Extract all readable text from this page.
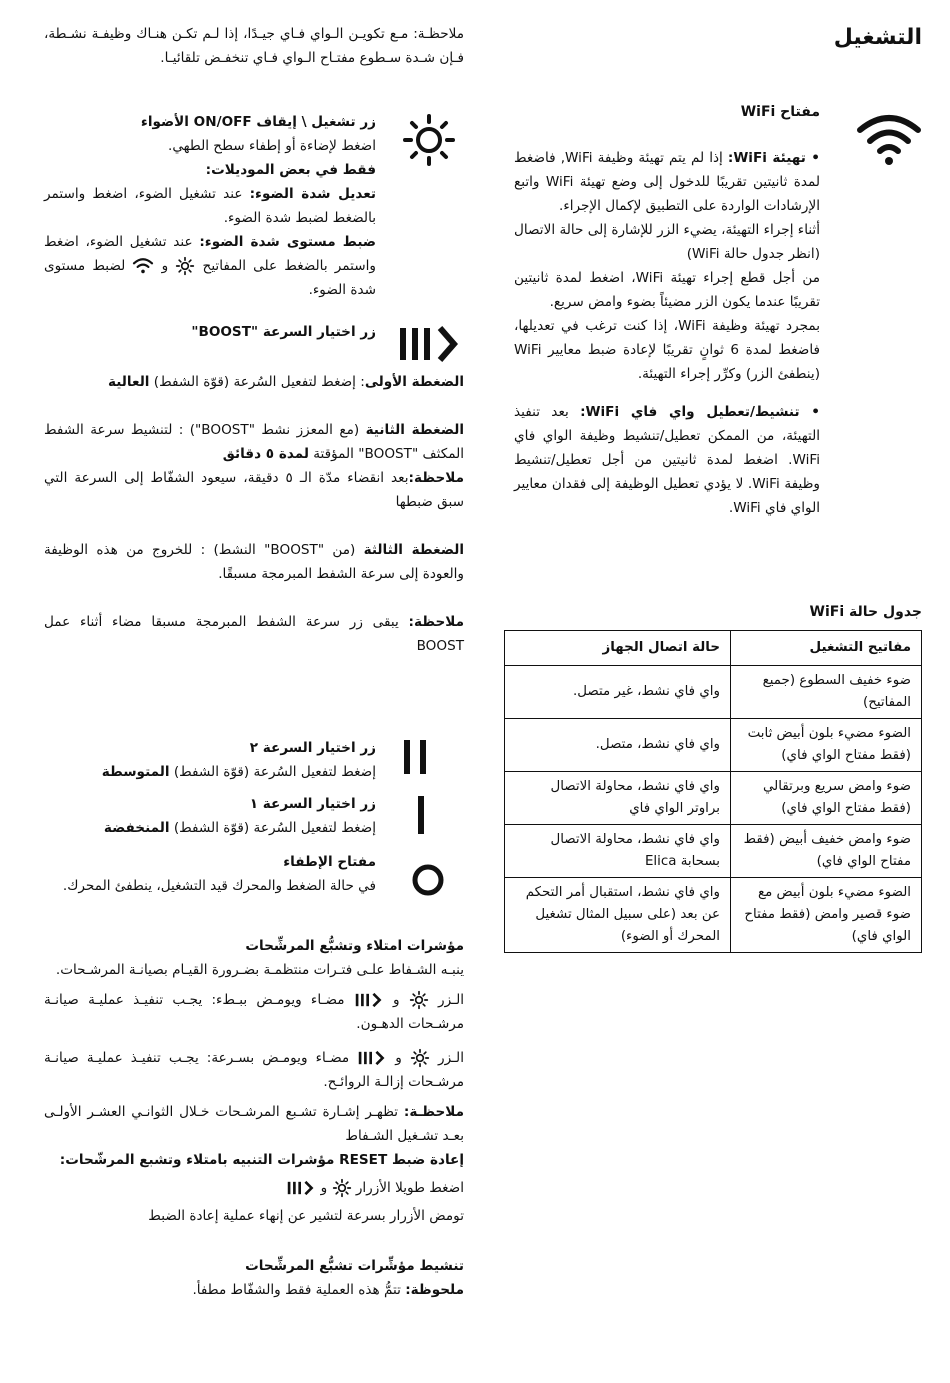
التشغيل
مفتاح WiFi

• تهيئة WiFi: إذا لم يتم تهيئة وظيفة WiFi, فاضغط لمدة ثانيتين تقريبًا للدخول إلى وضع تهيئة WiFi واتبع الإرشادات الواردة على التطبيق لإكمال الإجراء.
أثناء إجراء التهيئة، يضيء الزر للإشارة إلى حالة الاتصال (انظر جدول حالة WiFi)
من أجل قطع إجراء تهيئة WiFi، اضغط لمدة ثانيتين تقريبًا عندما يكون الزر مضيئاً بضوء وامض سريع.
بمجرد تهيئة وظيفة WiFi، إذا كنت ترغب في تعديلها، فاضغط لمدة 6 ثوانٍ تقريبًا لإعادة ضبط معايير WiFi (ينطفئ الزر) وكرِّر إجراء التهيئة.

• تنشيط/تعطيل واي فاي WiFi: بعد تنفيذ التهيئة، من الممكن تعطيل/تنشيط وظيفة الواي فاي WiFi. اضغط لمدة ثانيتين من أجل تعطيل/تنشيط وظيفة WiFi. لا يؤدي تعطيل الوظيفة إلى فقدان معايير الواي فاي WiFi.

جدول حالة WiFi
مفاتيح التشغيل	حالة اتصال الجهاز
ضوء خفيف السطوع (جميع المفاتيح)	واي فاي نشط، غير متصل.
الضوء مضيء بلون أبيض ثابت (فقط مفتاح الواي فاي)	واي فاي نشط، متصل.
ضوء وامض سريع وبرتقالي (فقط مفتاح الواي فاي)	واي فاي نشط، محاولة الاتصال براوتر الواي فاي
ضوء وامض خفيف أبيض (فقط مفتاح الواي فاي)	واي فاي نشط، محاولة الاتصال بسحابة Elica
الضوء مضيء بلون أبيض مع ضوء قصير وامض (فقط مفتاح الواي فاي)	واي فاي نشط، استقبال أمر التحكم عن بعد (على سبيل المثال تشغيل المحرك أو الضوء)

ملاحظـة: مـع تكويـن الـواي فـاي جيـدًا، إذا لـم تكـن هنـاك وظيفـة نشـطة، فـإن شـدة سـطوع مفتـاح الـواي فـاي تنخفـض تلقائيـا.

زر تشغيل \ إيقاف ON/OFF الأضواء

اضغط لإضاءة أو إطفاء سطح الطهي.

فقط في بعض الموديلات:

تعديل شدة الضوء: عند تشغيل الضوء، اضغط واستمر بالضغط لضبط شدة الضوء.

ضبط مستوى شدة الضوء: عند تشغيل الضوء، اضغط واستمر بالضغط على المفاتيح  و  لضبط مستوى شدة الضوء.

زر اختيار السرعة "BOOST"

الضغطة الأولى: إضغط لتفعيل السُرعة (قوّة الشفط) العالية

الضغطة الثانية (مع المعزز نشط "BOOST") : لتنشيط سرعة الشفط المكثف "BOOST" المؤقتة لمدة ٥ دقائق

ملاحظة:بعد انقضاء مدّة الـ ٥ دقيقة، سيعود الشفّاط إلى السرعة التي سبق ضبطها

الضغطة الثالثة (من "BOOST" النشط) : للخروج من هذه الوظيفة والعودة إلى سرعة الشفط المبرمجة مسبقًا.

ملاحظة: يبقى زر سرعة الشفط المبرمجة مسبقا مضاء أثناء عمل BOOST

زر اختيار السرعة ٢

إضغط لتفعيل السُرعة (قوّة الشفط) المتوسطة

زر اختيار السرعة ١

إضغط لتفعيل السُرعة (قوّة الشفط) المنخفضة

مفتاح الإطفاء

في حالة الضغط والمحرك قيد التشغيل، ينطفئ المحرك.

مؤشرات امتلاء وتشبُّع المرشِّحات

ينبـه الشـفاط علـى فتـرات منتظمـة بضـرورة القيـام بصيانـة المرشـحات.

الـزر  و  مضـاء ويومـض ببـطء: يجـب تنفيـذ عمليـة صيانـة مرشـحات الدهـون.

الـزر  و  مضـاء ويومـض بسـرعة: يجـب تنفيـذ عمليـة صيانـة مرشـحات إزالـة الروائـح.

ملاحظـة: تظهـر إشـارة تشـبع المرشـحات خـلال الثوانـي العشـر الأولـى بعـد تشـغيل الشـفاط

إعادة ضبط RESET مؤشرات التنبيه بامتلاء وتشبع المرشّحات:

اضغط طويلا الأزرار  و

تومض الأزرار بسرعة لتشير عن إنهاء عملية إعادة الضبط

تنشيط مؤشِّرات تشبُّع المرشِّحات

ملحوظة: تتمُّ هذه العملية فقط والشفّاط مطفأ.
